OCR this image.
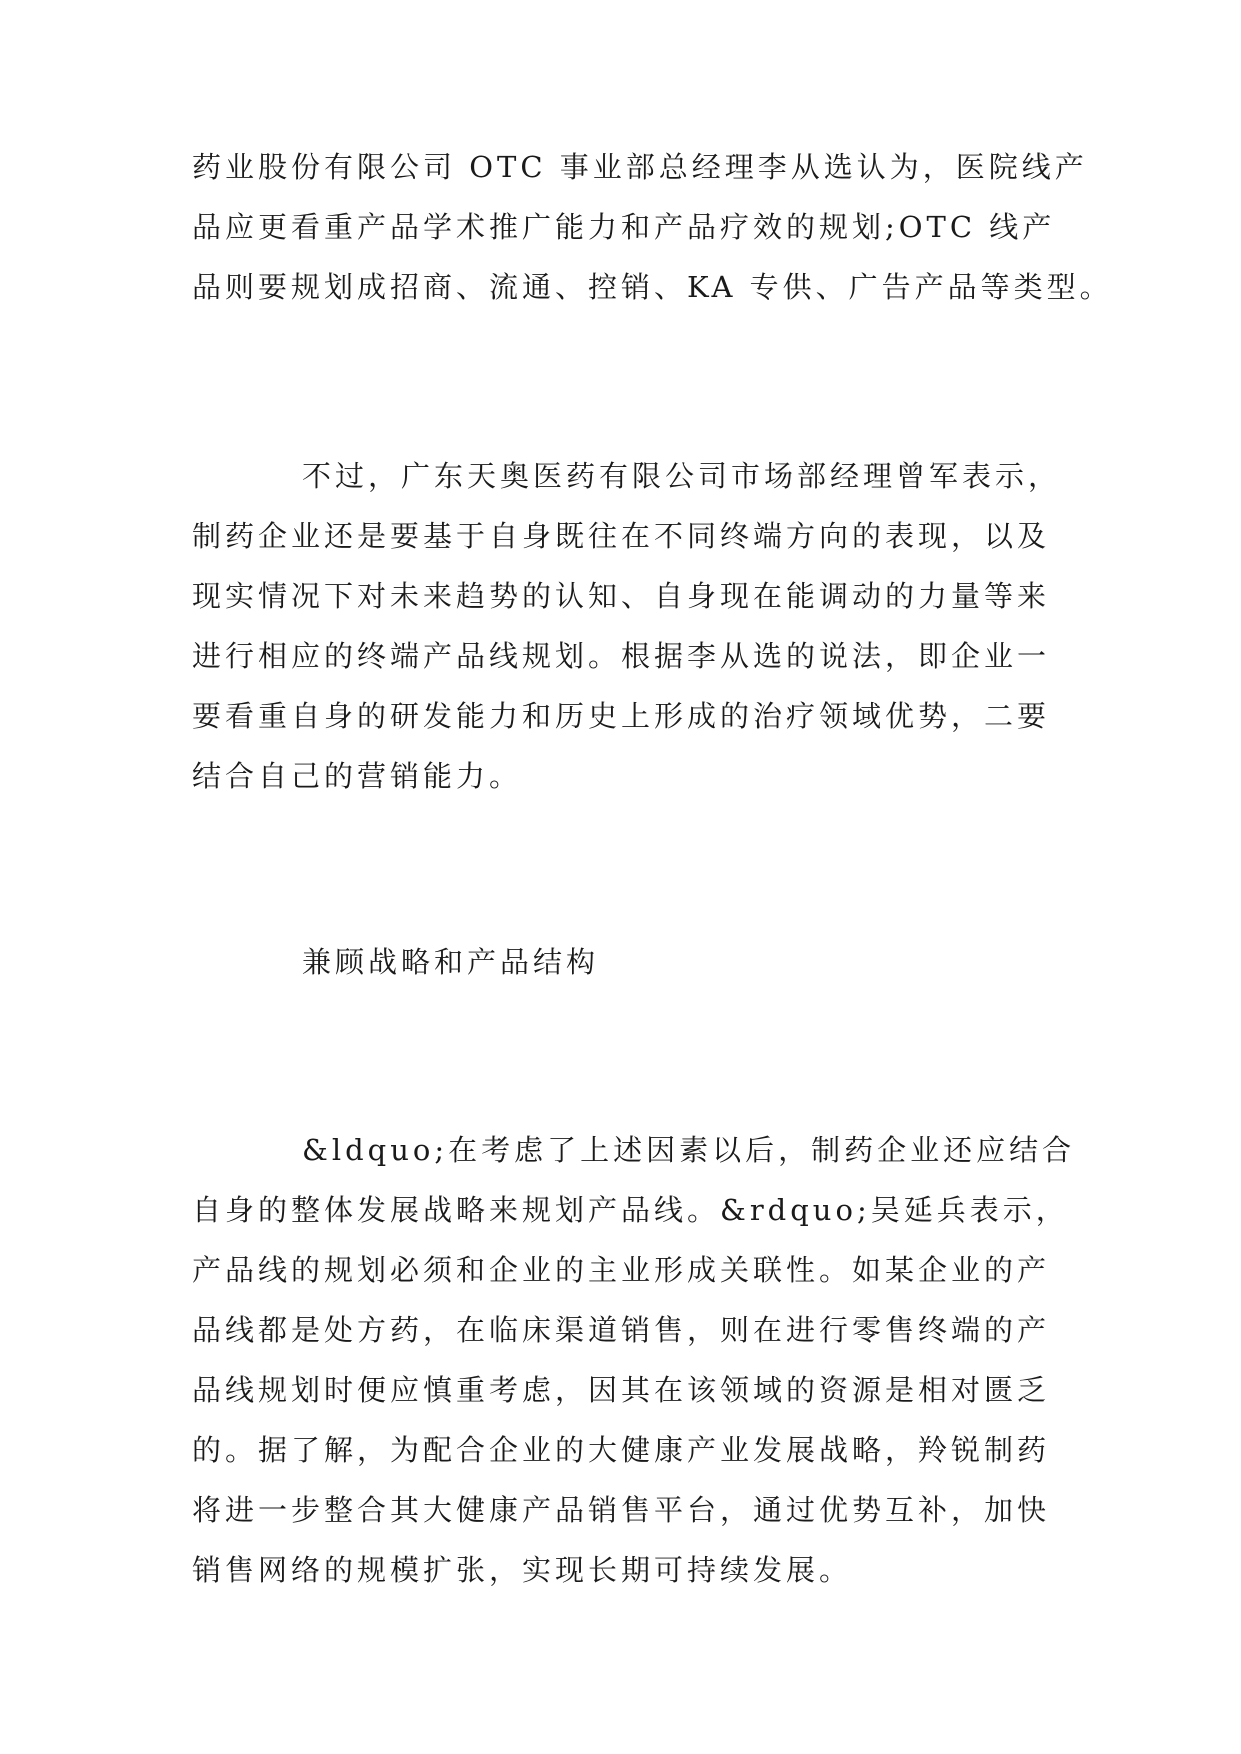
药业股份有限公司 OTC 事业部总经理李从选认为，医院线产
品应更看重产品学术推广能力和产品疗效的规划;OTC 线产
品则要规划成招商、流通、控销、KA 专供、广告产品等类型。
不过，广东天奥医药有限公司市场部经理曾军表示，
制药企业还是要基于自身既往在不同终端方向的表现，以及
现实情况下对未来趋势的认知、自身现在能调动的力量等来
进行相应的终端产品线规划。根据李从选的说法，即企业一
要看重自身的研发能力和历史上形成的治疗领域优势，二要
结合自己的营销能力。
兼顾战略和产品结构
&ldquo;在考虑了上述因素以后，制药企业还应结合
自身的整体发展战略来规划产品线。&rdquo;吴延兵表示，
产品线的规划必须和企业的主业形成关联性。如某企业的产
品线都是处方药，在临床渠道销售，则在进行零售终端的产
品线规划时便应慎重考虑，因其在该领域的资源是相对匮乏
的。据了解，为配合企业的大健康产业发展战略，羚锐制药
将进一步整合其大健康产品销售平台，通过优势互补，加快
销售网络的规模扩张，实现长期可持续发展。
